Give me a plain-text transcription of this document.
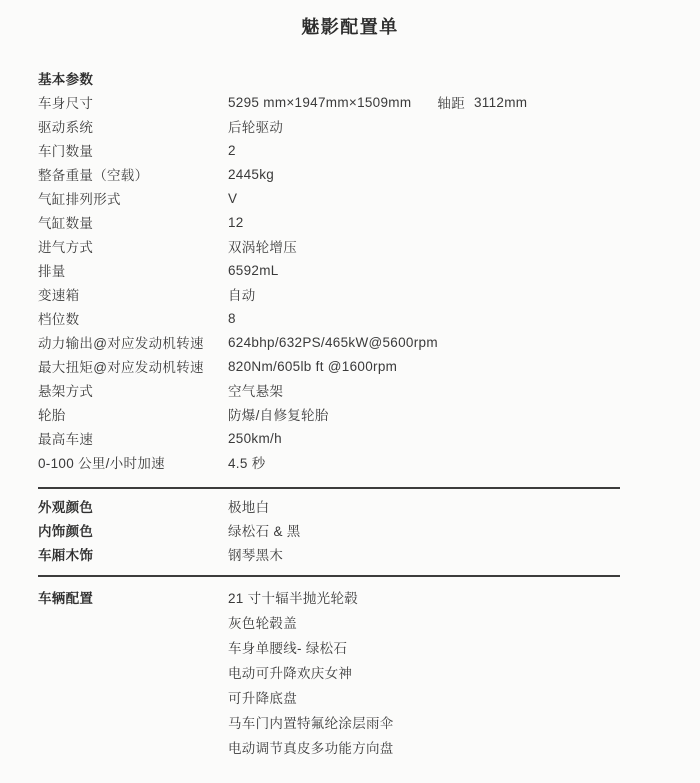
魅影配置单
基本参数
车身尺寸	5295 mm×1947mm×1509mm 轴距 3112mm
驱动系统	后轮驱动
车门数量	2
整备重量（空载）	2445kg
气缸排列形式	V
气缸数量	12
进气方式	双涡轮增压
排量	6592mL
变速箱	自动
档位数	8
动力输出@对应发动机转速	624bhp/632PS/465kW@5600rpm
最大扭矩@对应发动机转速	820Nm/605lb ft @1600rpm
悬架方式	空气悬架
轮胎	防爆/自修复轮胎
最高车速	250km/h
0-100 公里/小时加速	4.5 秒
外观颜色	极地白
内饰颜色	绿松石 & 黑
车厢木饰	钢琴黑木
车辆配置	21 寸十辐半抛光轮毂
灰色轮毂盖
车身单腰线- 绿松石
电动可升降欢庆女神
可升降底盘
马车门内置特氟纶涂层雨伞
电动调节真皮多功能方向盘
